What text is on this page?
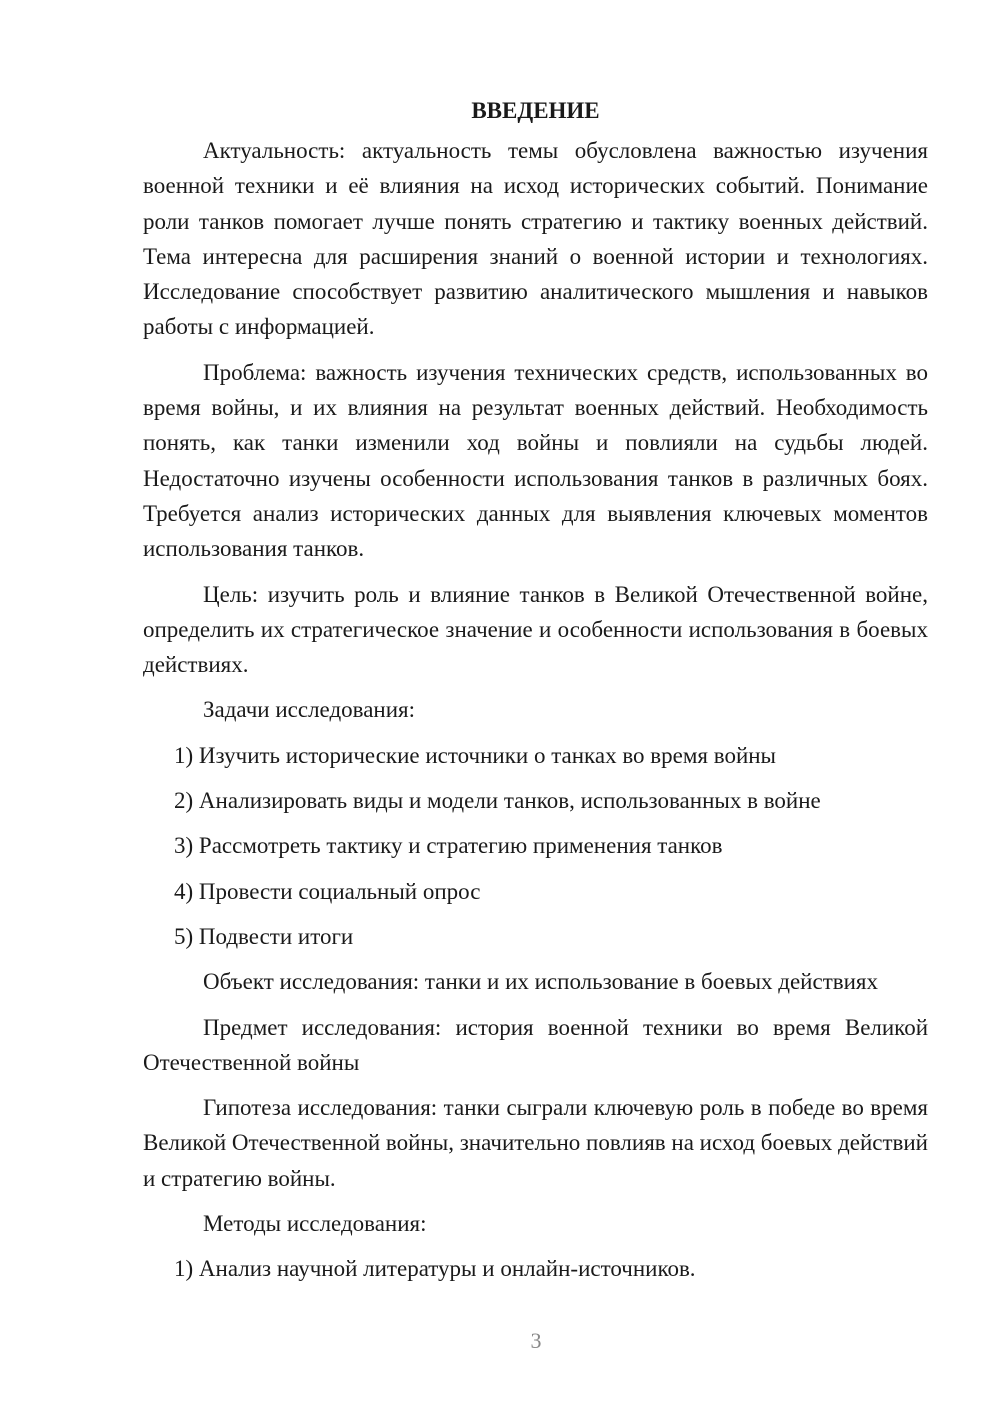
ВВЕДЕНИЕ
Актуальность: актуальность темы обусловлена важностью изучения военной техники и её влияния на исход исторических событий. Понимание роли танков помогает лучше понять стратегию и тактику военных действий. Тема интересна для расширения знаний о военной истории и технологиях. Исследование способствует развитию аналитического мышления и навыков работы с информацией.
Проблема: важность изучения технических средств, использованных во время войны, и их влияния на результат военных действий. Необходимость понять, как танки изменили ход войны и повлияли на судьбы людей. Недостаточно изучены особенности использования танков в различных боях. Требуется анализ исторических данных для выявления ключевых моментов использования танков.
Цель: изучить роль и влияние танков в Великой Отечественной войне, определить их стратегическое значение и особенности использования в боевых действиях.
Задачи исследования:
1) Изучить исторические источники о танках во время войны
2) Анализировать виды и модели танков, использованных в войне
3) Рассмотреть тактику и стратегию применения танков
4) Провести социальный опрос
5) Подвести итоги
Объект исследования: танки и их использование в боевых действиях
Предмет исследования: история военной техники во время Великой Отечественной войны
Гипотеза исследования: танки сыграли ключевую роль в победе во время Великой Отечественной войны, значительно повлияв на исход боевых действий и стратегию войны.
Методы исследования:
1) Анализ научной литературы и онлайн-источников.
3
